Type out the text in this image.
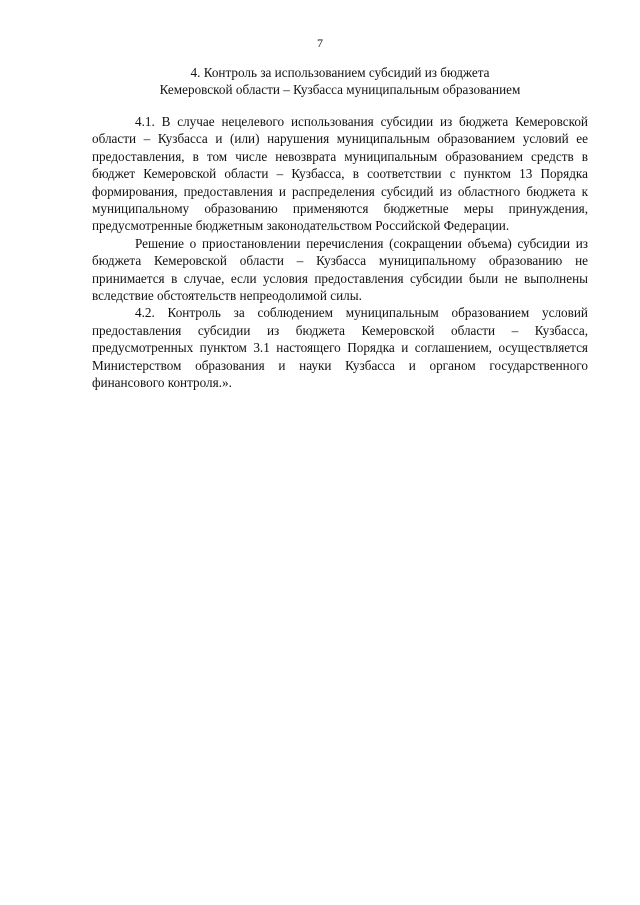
7
4. Контроль за использованием субсидий из бюджета
Кемеровской области – Кузбасса муниципальным образованием

4.1. В случае нецелевого использования субсидии из бюджета Кемеровской области – Кузбасса и (или) нарушения муниципальным образованием условий ее предоставления, в том числе невозврата муниципальным образованием средств в бюджет Кемеровской области – Кузбасса, в соответствии с пунктом 13 Порядка формирования, предоставления и распределения субсидий из областного бюджета к муниципальному образованию применяются бюджетные меры принуждения, предусмотренные бюджетным законодательством Российской Федерации.

Решение о приостановлении перечисления (сокращении объема) субсидии из бюджета Кемеровской области – Кузбасса муниципальному образованию не принимается в случае, если условия предоставления субсидии были не выполнены вследствие обстоятельств непреодолимой силы.

4.2. Контроль за соблюдением муниципальным образованием условий предоставления субсидии из бюджета Кемеровской области – Кузбасса, предусмотренных пунктом 3.1 настоящего Порядка и соглашением, осуществляется Министерством образования и науки Кузбасса и органом государственного финансового контроля.».
